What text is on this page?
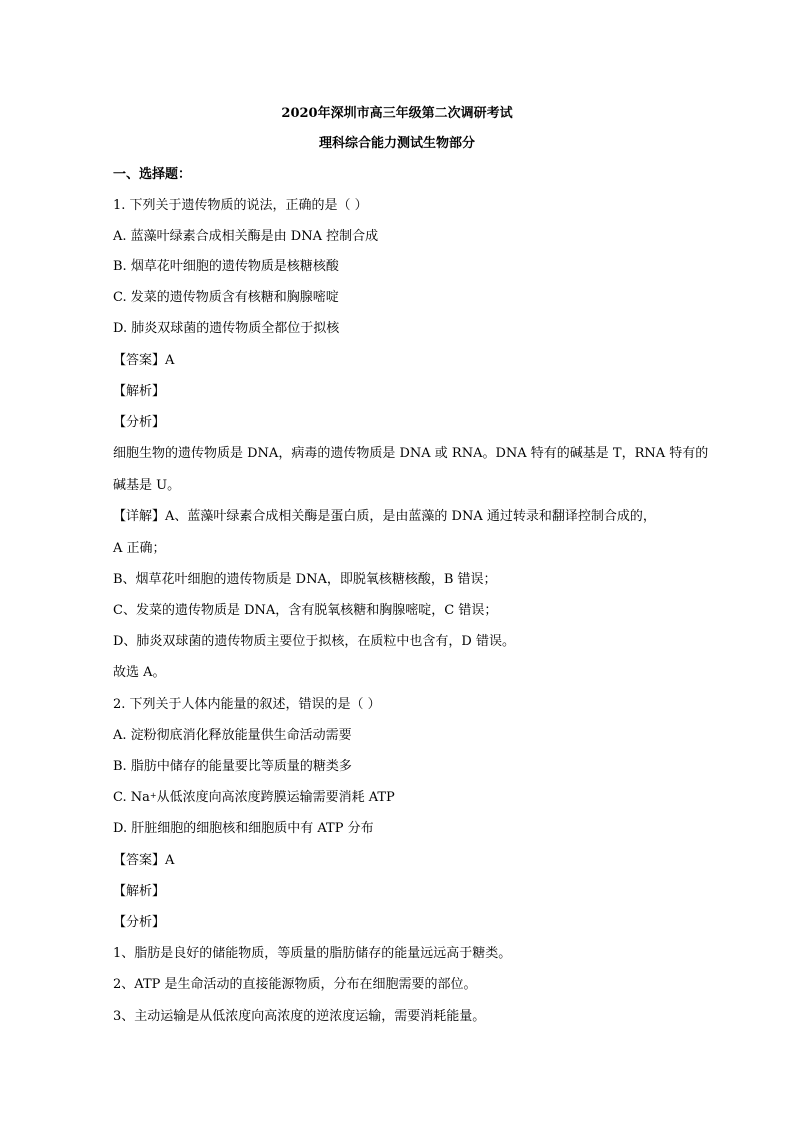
2020年深圳市高三年级第二次调研考试
理科综合能力测试生物部分
一、选择题：
1. 下列关于遗传物质的说法，正确的是（ ）
A. 蓝藻叶绿素合成相关酶是由 DNA 控制合成
B. 烟草花叶细胞的遗传物质是核糖核酸
C. 发菜的遗传物质含有核糖和胸腺嘧啶
D. 肺炎双球菌的遗传物质全都位于拟核
【答案】A
【解析】
【分析】
细胞生物的遗传物质是 DNA，病毒的遗传物质是 DNA 或 RNA。DNA 特有的碱基是 T，RNA 特有的
碱基是 U。
【详解】A、蓝藻叶绿素合成相关酶是蛋白质，是由蓝藻的 DNA 通过转录和翻译控制合成的，
A 正确；
B、烟草花叶细胞的遗传物质是 DNA，即脱氧核糖核酸，B 错误；
C、发菜的遗传物质是 DNA，含有脱氧核糖和胸腺嘧啶，C 错误；
D、肺炎双球菌的遗传物质主要位于拟核，在质粒中也含有，D 错误。
故选 A。
2. 下列关于人体内能量的叙述，错误的是（ ）
A. 淀粉彻底消化释放能量供生命活动需要
B. 脂肪中储存的能量要比等质量的糖类多
C. Na+从低浓度向高浓度跨膜运输需要消耗 ATP
D. 肝脏细胞的细胞核和细胞质中有 ATP 分布
【答案】A
【解析】
【分析】
1、脂肪是良好的储能物质，等质量的脂肪储存的能量远远高于糖类。
2、ATP 是生命活动的直接能源物质，分布在细胞需要的部位。
3、主动运输是从低浓度向高浓度的逆浓度运输，需要消耗能量。
